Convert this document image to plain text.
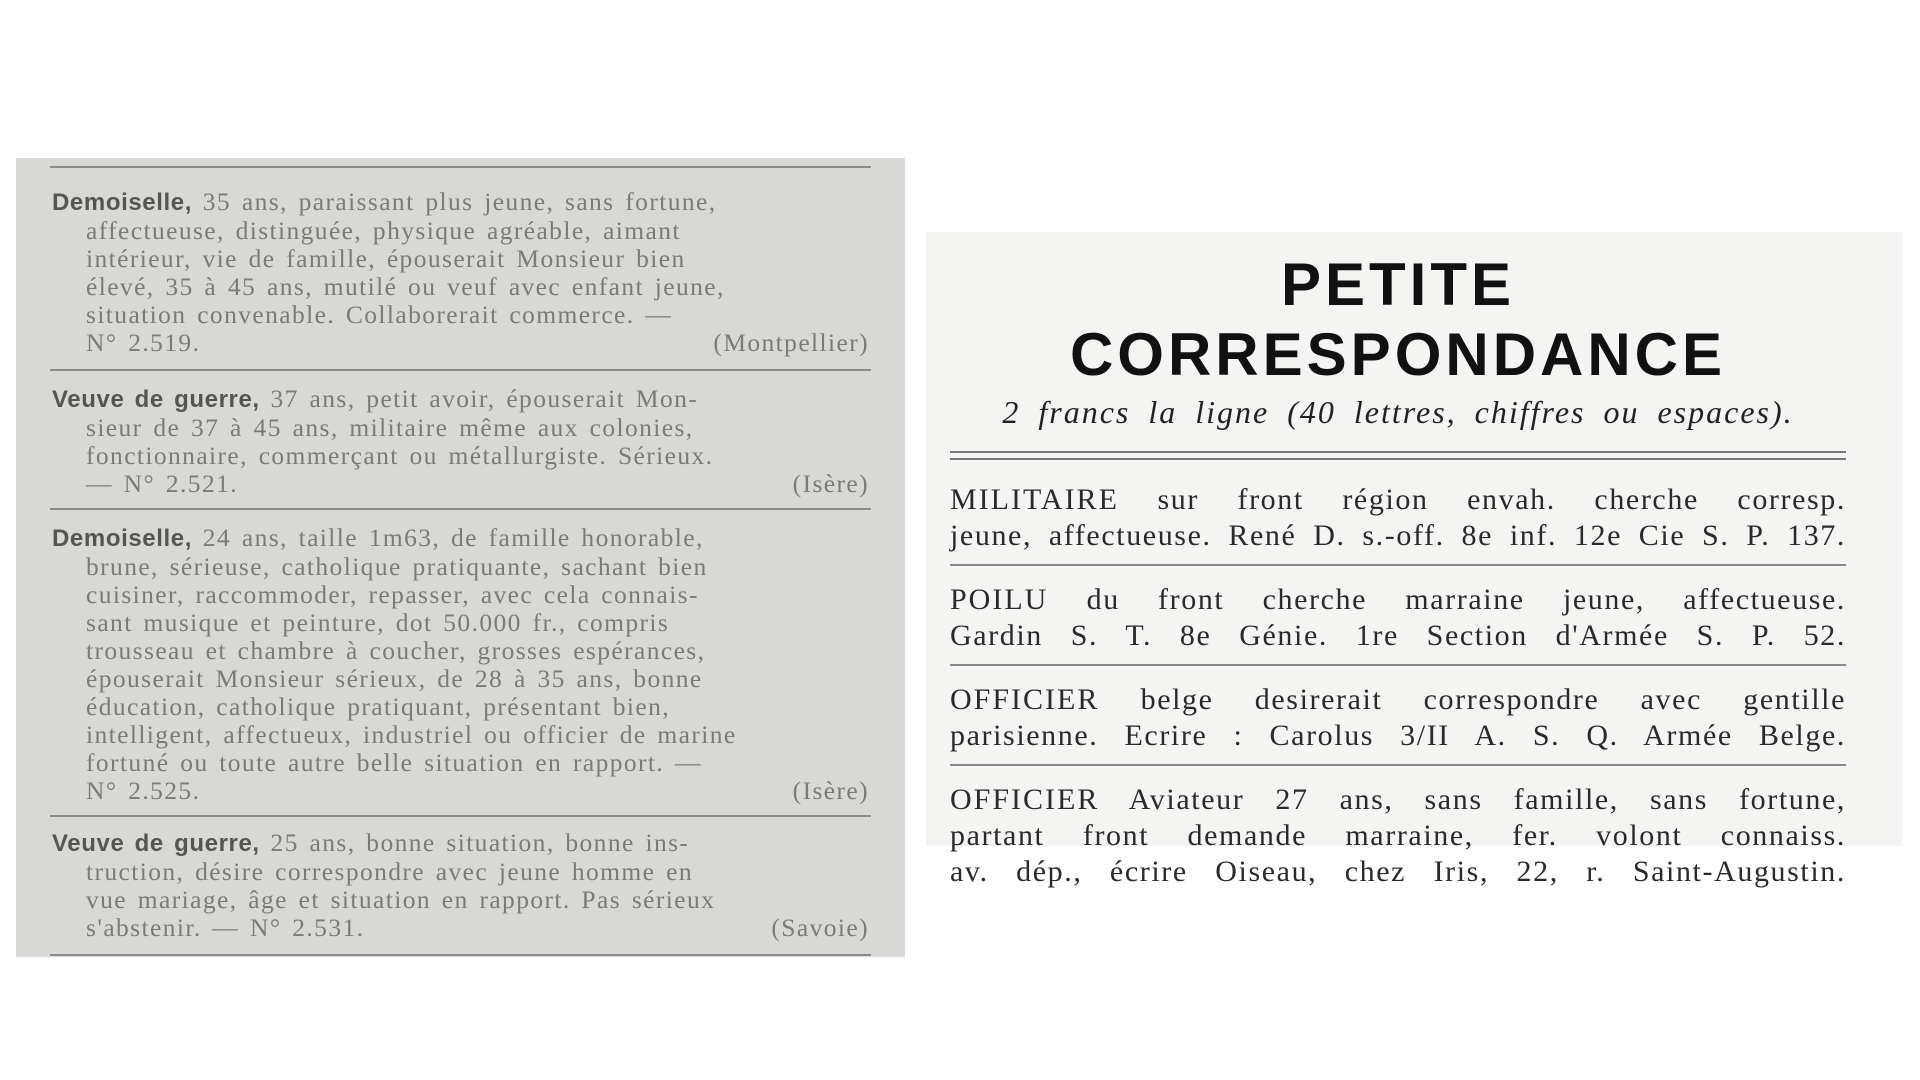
Demoiselle, 35 ans, paraissant plus jeune, sans fortune,
affectueuse, distinguée, physique agréable, aimant
intérieur, vie de famille, épouserait Monsieur bien
élevé, 35 à 45 ans, mutilé ou veuf avec enfant jeune,
situation convenable. Collaborerait commerce. —
N° 2.519.	(Montpellier)
Veuve de guerre, 37 ans, petit avoir, épouserait Mon-
sieur de 37 à 45 ans, militaire même aux colonies,
fonctionnaire, commerçant ou métallurgiste. Sérieux.
— N° 2.521.	(Isère)
Demoiselle, 24 ans, taille 1m63, de famille honorable,
brune, sérieuse, catholique pratiquante, sachant bien
cuisiner, raccommoder, repasser, avec cela connais-
sant musique et peinture, dot 50.000 fr., compris
trousseau et chambre à coucher, grosses espérances,
épouserait Monsieur sérieux, de 28 à 35 ans, bonne
éducation, catholique pratiquant, présentant bien,
intelligent, affectueux, industriel ou officier de marine
fortuné ou toute autre belle situation en rapport. —
N° 2.525.	(Isère)
Veuve de guerre, 25 ans, bonne situation, bonne ins-
truction, désire correspondre avec jeune homme en
vue mariage, âge et situation en rapport. Pas sérieux
s'abstenir. — N° 2.531.	(Savoie)
PETITE CORRESPONDANCE
2 francs la ligne (40 lettres, chiffres ou espaces).
MILITAIRE sur front région envah. cherche corresp.
jeune, affectueuse. René D. s.-off. 8e inf. 12e Cie S. P. 137.
POILU du front cherche marraine jeune, affectueuse.
Gardin S. T. 8e Génie. 1re Section d'Armée S. P. 52.
OFFICIER belge desirerait correspondre avec gentille
parisienne. Ecrire : Carolus 3/II A. S. Q. Armée Belge.
OFFICIER Aviateur 27 ans, sans famille, sans fortune,
partant front demande marraine, fer. volont connaiss.
av. dép., écrire Oiseau, chez Iris, 22, r. Saint-Augustin.
